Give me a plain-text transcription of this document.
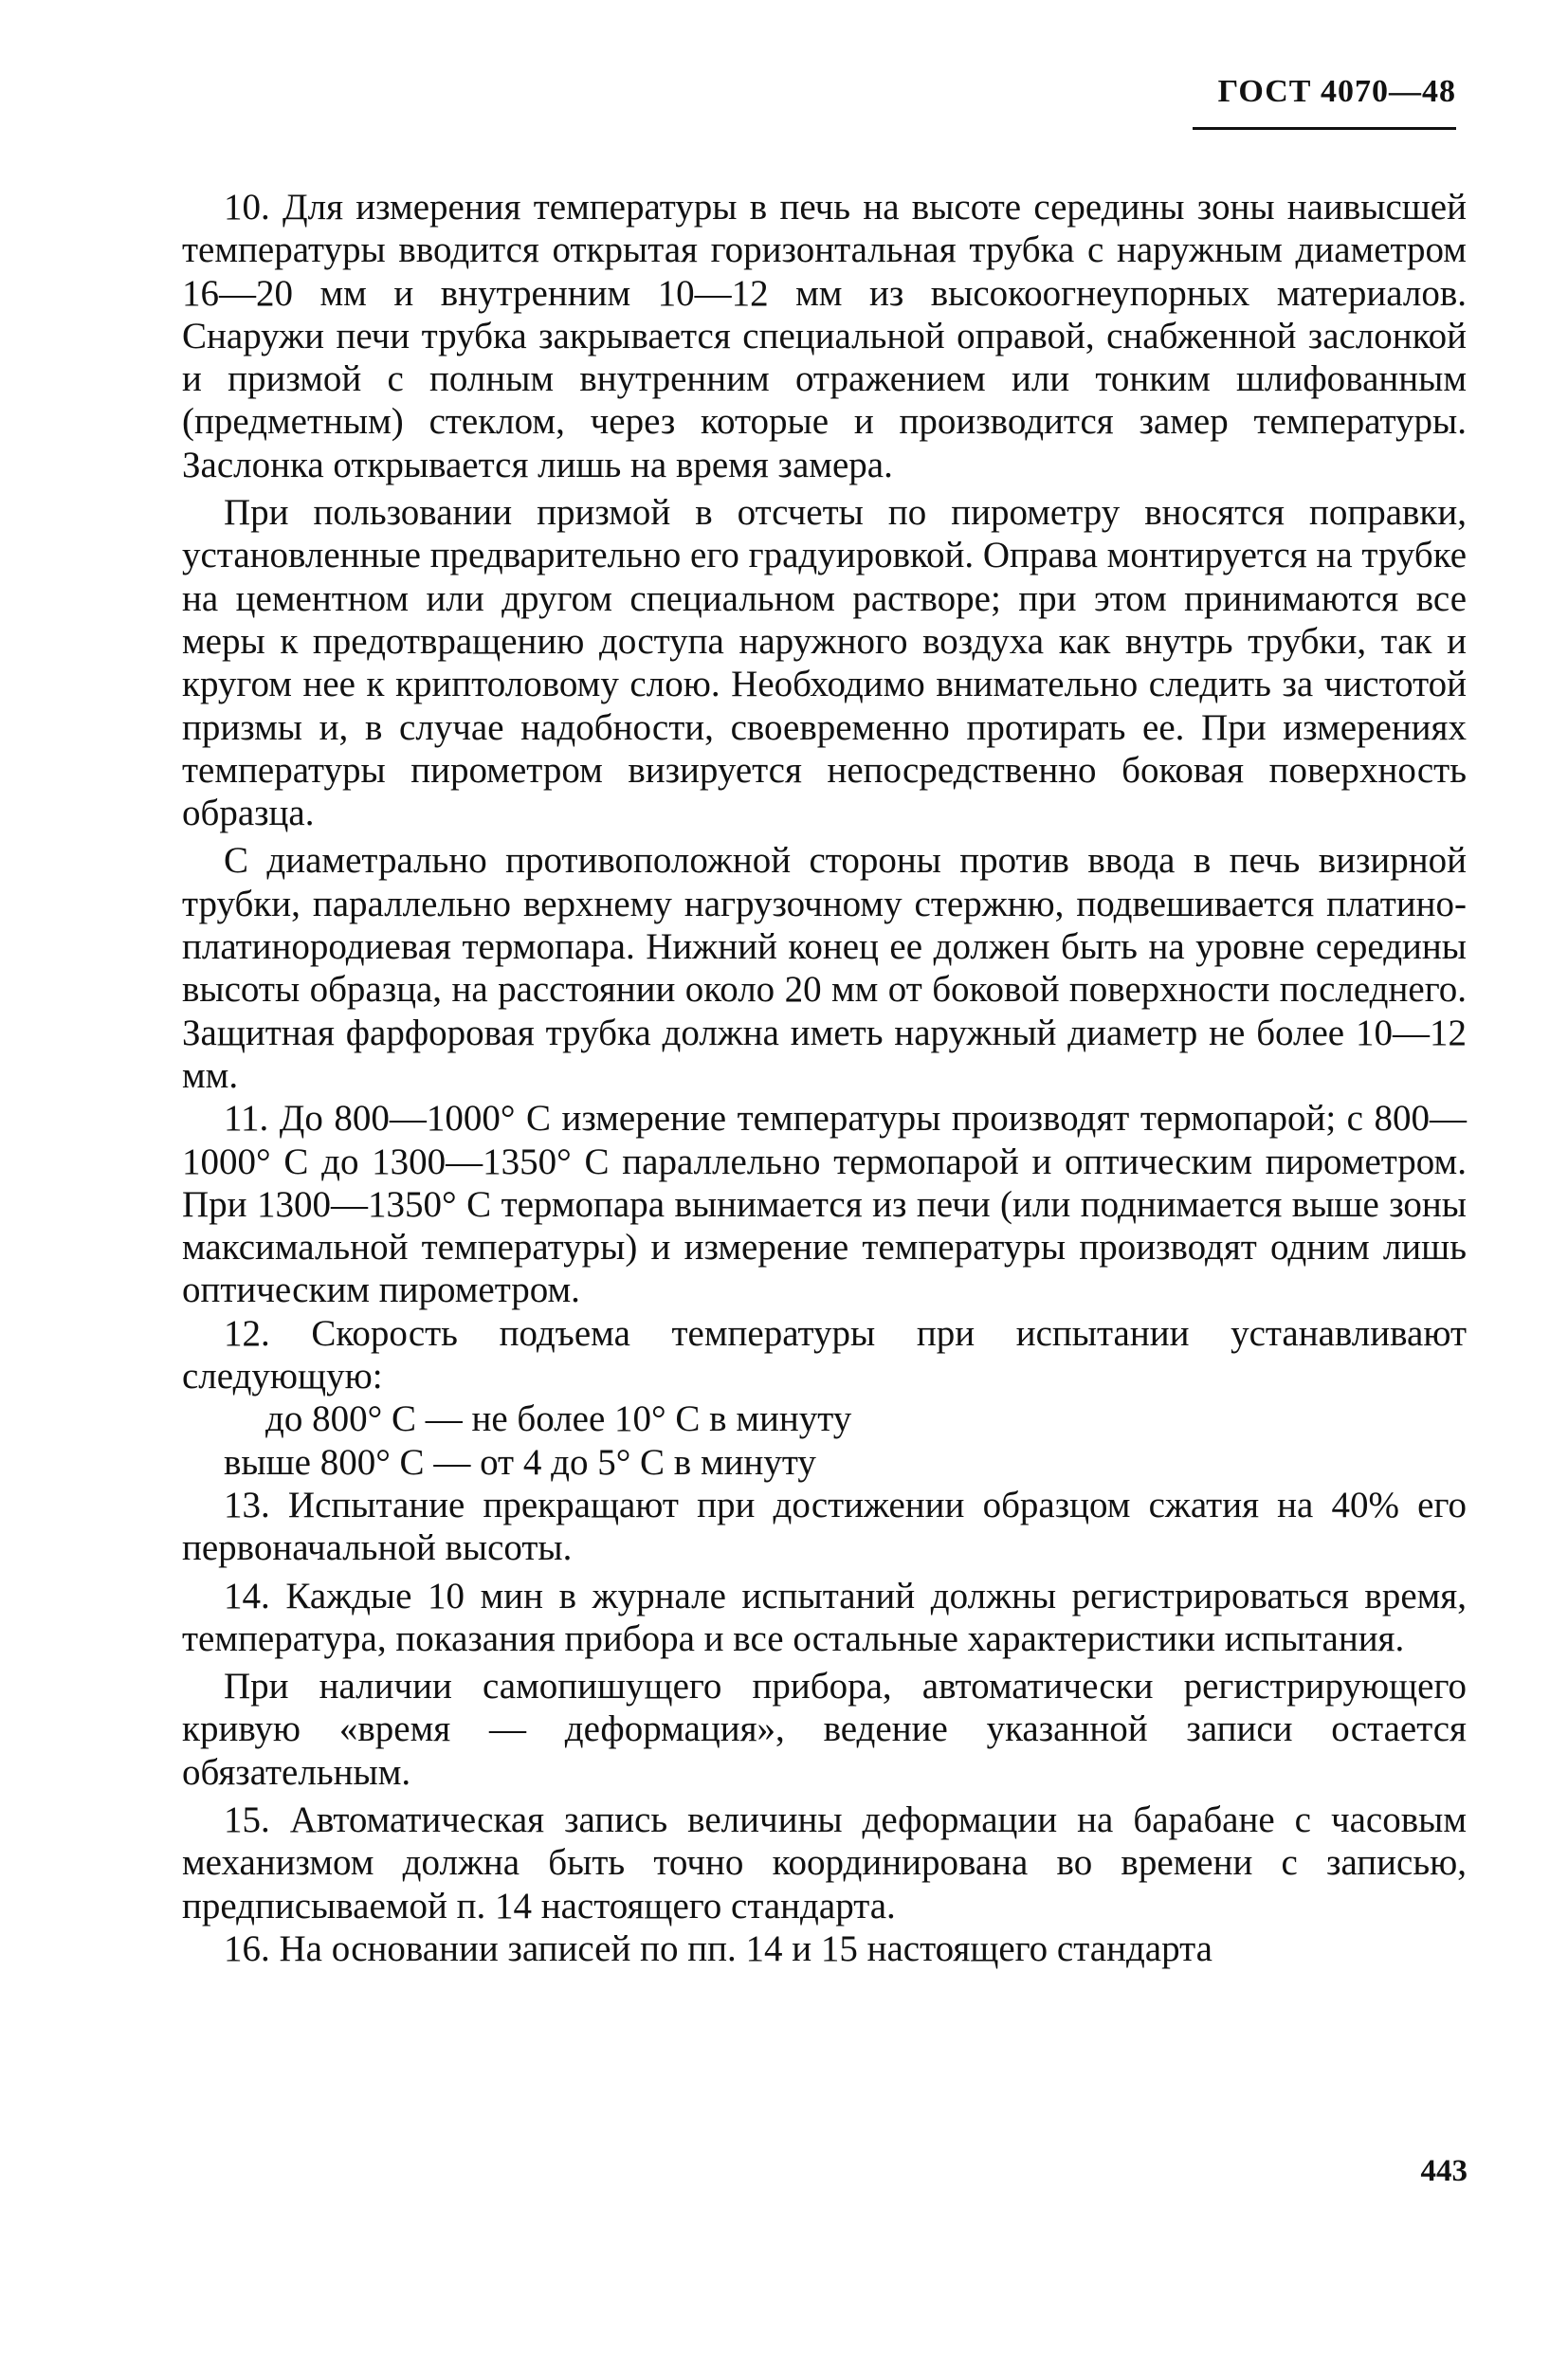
ГОСТ 4070—48

10. Для измерения температуры в печь на высоте середины зоны наивысшей температуры вводится открытая горизонтальная трубка с наружным диаметром 16—20 мм и внутренним 10—12 мм из высокоогнеупорных материалов. Снаружи печи трубка закрывается специальной оправой, снабженной заслонкой и призмой с полным внутренним отражением или тонким шлифованным (предметным) стеклом, через которые и производится замер температуры. Заслонка открывается лишь на время замера.

При пользовании призмой в отсчеты по пирометру вносятся поправки, установленные предварительно его градуировкой. Оправа монтируется на трубке на цементном или другом специальном растворе; при этом принимаются все меры к предотвращению доступа наружного воздуха как внутрь трубки, так и кругом нее к криптоловому слою. Необходимо внимательно следить за чистотой призмы и, в случае надобности, своевременно протирать ее. При измерениях температуры пирометром визируется непосредственно боковая поверхность образца.

С диаметрально противоположной стороны против ввода в печь визирной трубки, параллельно верхнему нагрузочному стержню, подвешивается платино-платинородиевая термопара. Нижний конец ее должен быть на уровне середины высоты образца, на расстоянии около 20 мм от боковой поверхности последнего. Защитная фарфоровая трубка должна иметь наружный диаметр не более 10—12 мм.

11. До 800—1000° С измерение температуры производят термопарой; с 800—1000° С до 1300—1350° С параллельно термопарой и оптическим пирометром. При 1300—1350° С термопара вынимается из печи (или поднимается выше зоны максимальной температуры) и измерение температуры производят одним лишь оптическим пирометром.

12. Скорость подъема температуры при испытании устанавливают следующую:

до 800° С — не более 10° С в минуту

выше 800° С — от 4 до 5° С в минуту

13. Испытание прекращают при достижении образцом сжатия на 40% его первоначальной высоты.

14. Каждые 10 мин в журнале испытаний должны регистрироваться время, температура, показания прибора и все остальные характеристики испытания.

При наличии самопишущего прибора, автоматически регистрирующего кривую «время — деформация», ведение указанной записи остается обязательным.

15. Автоматическая запись величины деформации на барабане с часовым механизмом должна быть точно координирована во времени с записью, предписываемой п. 14 настоящего стандарта.

16. На основании записей по пп. 14 и 15 настоящего стандарта

443
